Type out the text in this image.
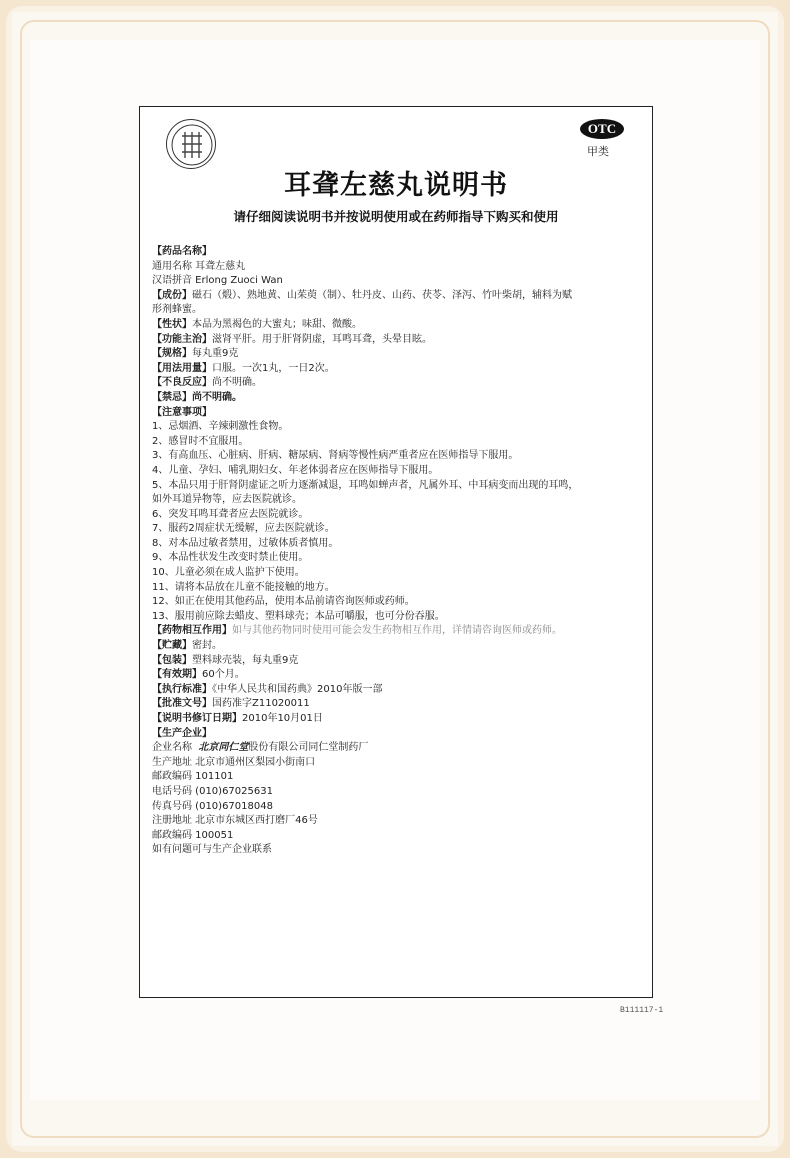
OTC
甲类
耳聋左慈丸说明书
请仔细阅读说明书并按说明使用或在药师指导下购买和使用
【药品名称】
通用名称 耳聋左慈丸
汉语拼音 Erlong Zuoci Wan
【成份】磁石（煅）、熟地黄、山茱萸（制）、牡丹皮、山药、茯苓、泽泻、竹叶柴胡，辅料为赋
形剂蜂蜜。
【性状】本品为黑褐色的大蜜丸；味甜、微酸。
【功能主治】滋肾平肝。用于肝肾阴虚，耳鸣耳聋，头晕目眩。
【规格】每丸重9克
【用法用量】口服。一次1丸，一日2次。
【不良反应】尚不明确。
【禁忌】尚不明确。
【注意事项】
1、忌烟酒、辛辣刺激性食物。
2、感冒时不宜服用。
3、有高血压、心脏病、肝病、糖尿病、肾病等慢性病严重者应在医师指导下服用。
4、儿童、孕妇、哺乳期妇女、年老体弱者应在医师指导下服用。
5、本品只用于肝肾阴虚证之听力逐渐减退，耳鸣如蝉声者，凡属外耳、中耳病变而出现的耳鸣，
如外耳道异物等，应去医院就诊。
6、突发耳鸣耳聋者应去医院就诊。
7、服药2周症状无缓解，应去医院就诊。
8、对本品过敏者禁用，过敏体质者慎用。
9、本品性状发生改变时禁止使用。
10、儿童必须在成人监护下使用。
11、请将本品放在儿童不能接触的地方。
12、如正在使用其他药品，使用本品前请咨询医师或药师。
13、服用前应除去蜡皮、塑料球壳；本品可嚼服，也可分份吞服。
【药物相互作用】如与其他药物同时使用可能会发生药物相互作用，详情请咨询医师或药师。
【贮藏】密封。
【包装】塑料球壳装，每丸重9克
【有效期】60个月。
【执行标准】《中华人民共和国药典》2010年版一部
【批准文号】国药准字Z11020011
【说明书修订日期】2010年10月01日
【生产企业】
企业名称 北京同仁堂股份有限公司同仁堂制药厂
生产地址 北京市通州区梨园小街南口
邮政编码 101101
电话号码 (010)67025631
传真号码 (010)67018048
注册地址 北京市东城区西打磨厂46号
邮政编码 100051
如有问题可与生产企业联系
B111117-1
